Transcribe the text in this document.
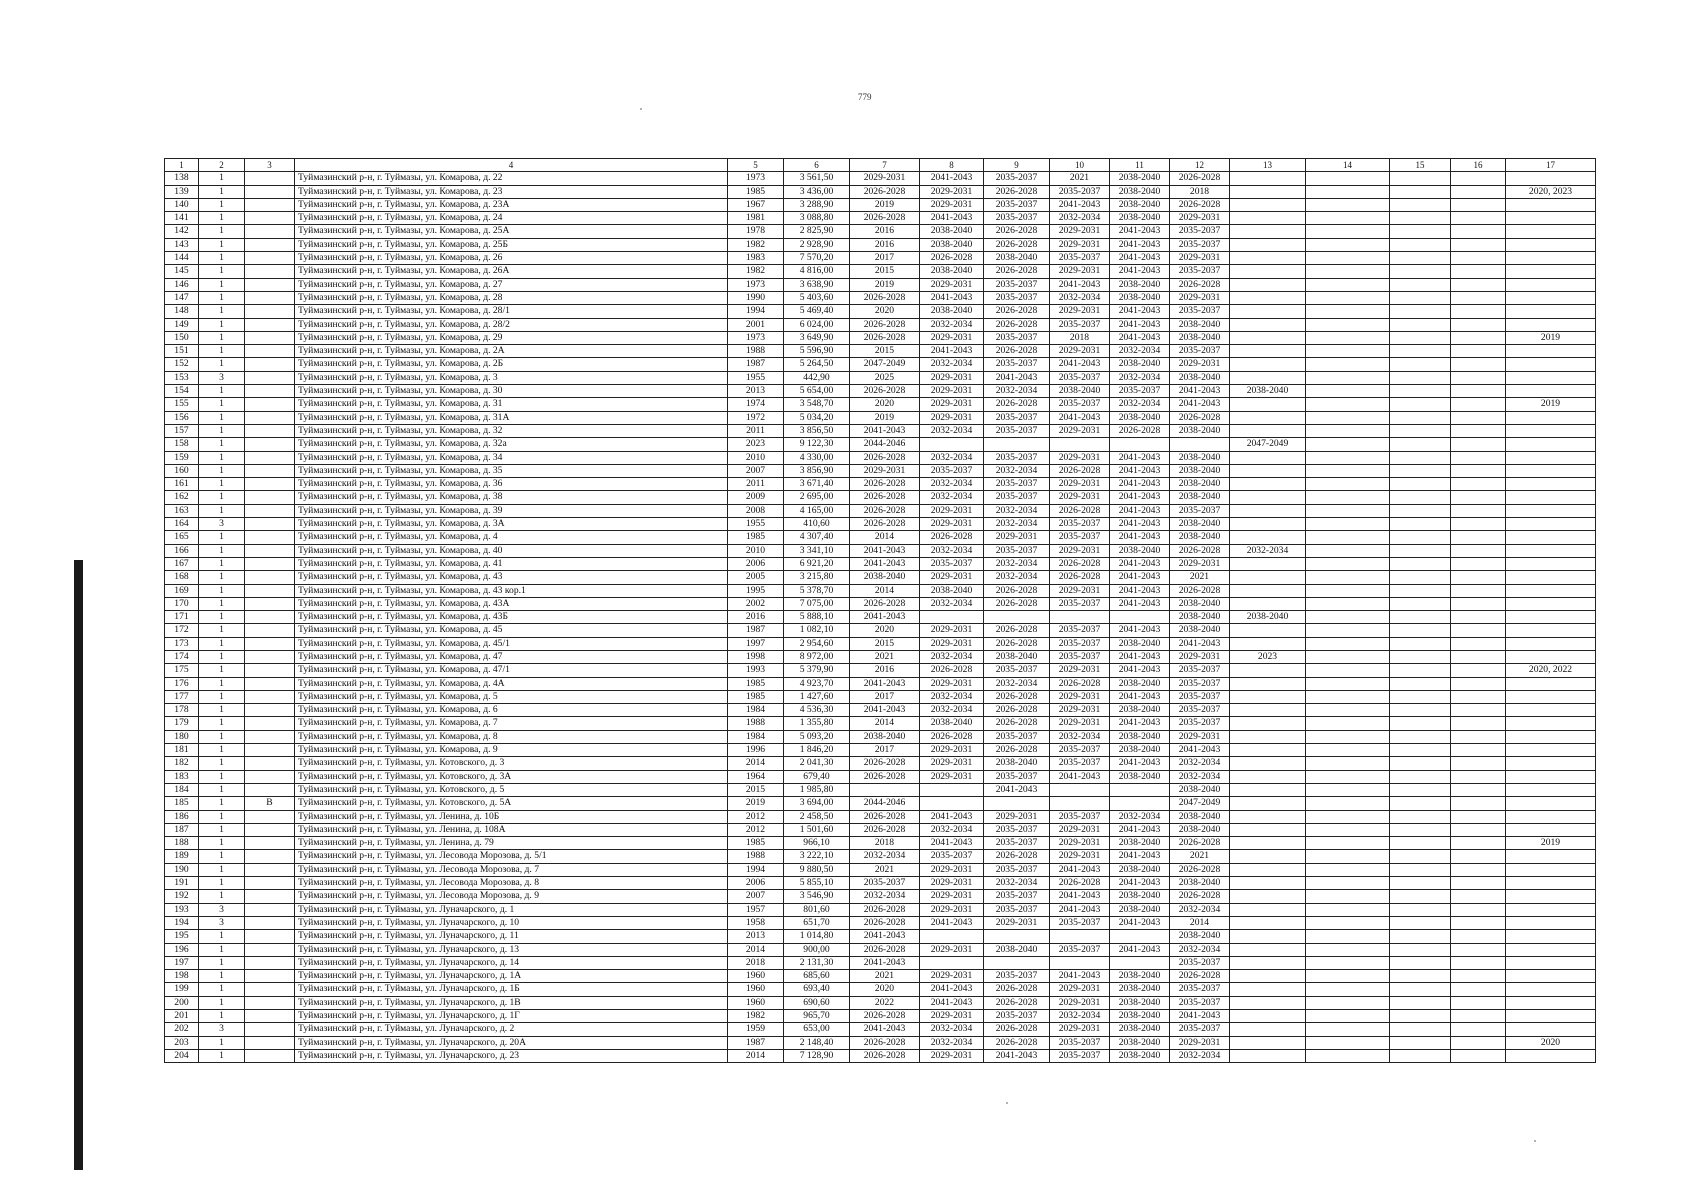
779
1	2	3	4	5	6	7	8	9	10	11	12	13	14	15	16	17
138	1		Туймазинский р-н, г. Туймазы, ул. Комарова, д. 22	1973	3 561,50	2029-2031	2041-2043	2035-2037	2021	2038-2040	2026-2028					
139	1		Туймазинский р-н, г. Туймазы, ул. Комарова, д. 23	1985	3 436,00	2026-2028	2029-2031	2026-2028	2035-2037	2038-2040	2018					2020, 2023
140	1		Туймазинский р-н, г. Туймазы, ул. Комарова, д. 23А	1967	3 288,90	2019	2029-2031	2035-2037	2041-2043	2038-2040	2026-2028					
141	1		Туймазинский р-н, г. Туймазы, ул. Комарова, д. 24	1981	3 088,80	2026-2028	2041-2043	2035-2037	2032-2034	2038-2040	2029-2031					
142	1		Туймазинский р-н, г. Туймазы, ул. Комарова, д. 25А	1978	2 825,90	2016	2038-2040	2026-2028	2029-2031	2041-2043	2035-2037					
143	1		Туймазинский р-н, г. Туймазы, ул. Комарова, д. 25Б	1982	2 928,90	2016	2038-2040	2026-2028	2029-2031	2041-2043	2035-2037					
144	1		Туймазинский р-н, г. Туймазы, ул. Комарова, д. 26	1983	7 570,20	2017	2026-2028	2038-2040	2035-2037	2041-2043	2029-2031					
145	1		Туймазинский р-н, г. Туймазы, ул. Комарова, д. 26А	1982	4 816,00	2015	2038-2040	2026-2028	2029-2031	2041-2043	2035-2037					
146	1		Туймазинский р-н, г. Туймазы, ул. Комарова, д. 27	1973	3 638,90	2019	2029-2031	2035-2037	2041-2043	2038-2040	2026-2028					
147	1		Туймазинский р-н, г. Туймазы, ул. Комарова, д. 28	1990	5 403,60	2026-2028	2041-2043	2035-2037	2032-2034	2038-2040	2029-2031					
148	1		Туймазинский р-н, г. Туймазы, ул. Комарова, д. 28/1	1994	5 469,40	2020	2038-2040	2026-2028	2029-2031	2041-2043	2035-2037					
149	1		Туймазинский р-н, г. Туймазы, ул. Комарова, д. 28/2	2001	6 024,00	2026-2028	2032-2034	2026-2028	2035-2037	2041-2043	2038-2040					
150	1		Туймазинский р-н, г. Туймазы, ул. Комарова, д. 29	1973	3 649,90	2026-2028	2029-2031	2035-2037	2018	2041-2043	2038-2040					2019
151	1		Туймазинский р-н, г. Туймазы, ул. Комарова, д. 2А	1988	5 596,90	2015	2041-2043	2026-2028	2029-2031	2032-2034	2035-2037					
152	1		Туймазинский р-н, г. Туймазы, ул. Комарова, д. 2Б	1987	5 264,50	2047-2049	2032-2034	2035-2037	2041-2043	2038-2040	2029-2031					
153	3		Туймазинский р-н, г. Туймазы, ул. Комарова, д. 3	1955	442,90	2025	2029-2031	2041-2043	2035-2037	2032-2034	2038-2040					
154	1		Туймазинский р-н, г. Туймазы, ул. Комарова, д. 30	2013	5 654,00	2026-2028	2029-2031	2032-2034	2038-2040	2035-2037	2041-2043	2038-2040				
155	1		Туймазинский р-н, г. Туймазы, ул. Комарова, д. 31	1974	3 548,70	2020	2029-2031	2026-2028	2035-2037	2032-2034	2041-2043					2019
156	1		Туймазинский р-н, г. Туймазы, ул. Комарова, д. 31А	1972	5 034,20	2019	2029-2031	2035-2037	2041-2043	2038-2040	2026-2028					
157	1		Туймазинский р-н, г. Туймазы, ул. Комарова, д. 32	2011	3 856,50	2041-2043	2032-2034	2035-2037	2029-2031	2026-2028	2038-2040					
158	1		Туймазинский р-н, г. Туймазы, ул. Комарова, д. 32а	2023	9 122,30	2044-2046						2047-2049				
159	1		Туймазинский р-н, г. Туймазы, ул. Комарова, д. 34	2010	4 330,00	2026-2028	2032-2034	2035-2037	2029-2031	2041-2043	2038-2040					
160	1		Туймазинский р-н, г. Туймазы, ул. Комарова, д. 35	2007	3 856,90	2029-2031	2035-2037	2032-2034	2026-2028	2041-2043	2038-2040					
161	1		Туймазинский р-н, г. Туймазы, ул. Комарова, д. 36	2011	3 671,40	2026-2028	2032-2034	2035-2037	2029-2031	2041-2043	2038-2040					
162	1		Туймазинский р-н, г. Туймазы, ул. Комарова, д. 38	2009	2 695,00	2026-2028	2032-2034	2035-2037	2029-2031	2041-2043	2038-2040					
163	1		Туймазинский р-н, г. Туймазы, ул. Комарова, д. 39	2008	4 165,00	2026-2028	2029-2031	2032-2034	2026-2028	2041-2043	2035-2037					
164	3		Туймазинский р-н, г. Туймазы, ул. Комарова, д. 3А	1955	410,60	2026-2028	2029-2031	2032-2034	2035-2037	2041-2043	2038-2040					
165	1		Туймазинский р-н, г. Туймазы, ул. Комарова, д. 4	1985	4 307,40	2014	2026-2028	2029-2031	2035-2037	2041-2043	2038-2040					
166	1		Туймазинский р-н, г. Туймазы, ул. Комарова, д. 40	2010	3 341,10	2041-2043	2032-2034	2035-2037	2029-2031	2038-2040	2026-2028	2032-2034				
167	1		Туймазинский р-н, г. Туймазы, ул. Комарова, д. 41	2006	6 921,20	2041-2043	2035-2037	2032-2034	2026-2028	2041-2043	2029-2031					
168	1		Туймазинский р-н, г. Туймазы, ул. Комарова, д. 43	2005	3 215,80	2038-2040	2029-2031	2032-2034	2026-2028	2041-2043	2021					
169	1		Туймазинский р-н, г. Туймазы, ул. Комарова, д. 43 кор.1	1995	5 378,70	2014	2038-2040	2026-2028	2029-2031	2041-2043	2026-2028					
170	1		Туймазинский р-н, г. Туймазы, ул. Комарова, д. 43А	2002	7 075,00	2026-2028	2032-2034	2026-2028	2035-2037	2041-2043	2038-2040					
171	1		Туймазинский р-н, г. Туймазы, ул. Комарова, д. 43Б	2016	5 888,10	2041-2043					2038-2040	2038-2040				
172	1		Туймазинский р-н, г. Туймазы, ул. Комарова, д. 45	1987	1 082,10	2020	2029-2031	2026-2028	2035-2037	2041-2043	2038-2040					
173	1		Туймазинский р-н, г. Туймазы, ул. Комарова, д. 45/1	1997	2 954,60	2015	2029-2031	2026-2028	2035-2037	2038-2040	2041-2043					
174	1		Туймазинский р-н, г. Туймазы, ул. Комарова, д. 47	1998	8 972,00	2021	2032-2034	2038-2040	2035-2037	2041-2043	2029-2031	2023				
175	1		Туймазинский р-н, г. Туймазы, ул. Комарова, д. 47/1	1993	5 379,90	2016	2026-2028	2035-2037	2029-2031	2041-2043	2035-2037					2020, 2022
176	1		Туймазинский р-н, г. Туймазы, ул. Комарова, д. 4А	1985	4 923,70	2041-2043	2029-2031	2032-2034	2026-2028	2038-2040	2035-2037					
177	1		Туймазинский р-н, г. Туймазы, ул. Комарова, д. 5	1985	1 427,60	2017	2032-2034	2026-2028	2029-2031	2041-2043	2035-2037					
178	1		Туймазинский р-н, г. Туймазы, ул. Комарова, д. 6	1984	4 536,30	2041-2043	2032-2034	2026-2028	2029-2031	2038-2040	2035-2037					
179	1		Туймазинский р-н, г. Туймазы, ул. Комарова, д. 7	1988	1 355,80	2014	2038-2040	2026-2028	2029-2031	2041-2043	2035-2037					
180	1		Туймазинский р-н, г. Туймазы, ул. Комарова, д. 8	1984	5 093,20	2038-2040	2026-2028	2035-2037	2032-2034	2038-2040	2029-2031					
181	1		Туймазинский р-н, г. Туймазы, ул. Комарова, д. 9	1996	1 846,20	2017	2029-2031	2026-2028	2035-2037	2038-2040	2041-2043					
182	1		Туймазинский р-н, г. Туймазы, ул. Котовского, д. 3	2014	2 041,30	2026-2028	2029-2031	2038-2040	2035-2037	2041-2043	2032-2034					
183	1		Туймазинский р-н, г. Туймазы, ул. Котовского, д. 3А	1964	679,40	2026-2028	2029-2031	2035-2037	2041-2043	2038-2040	2032-2034					
184	1		Туймазинский р-н, г. Туймазы, ул. Котовского, д. 5	2015	1 985,80			2041-2043			2038-2040					
185	1	В	Туймазинский р-н, г. Туймазы, ул. Котовского, д. 5А	2019	3 694,00	2044-2046					2047-2049					
186	1		Туймазинский р-н, г. Туймазы, ул. Ленина, д. 10Б	2012	2 458,50	2026-2028	2041-2043	2029-2031	2035-2037	2032-2034	2038-2040					
187	1		Туймазинский р-н, г. Туймазы, ул. Ленина, д. 108А	2012	1 501,60	2026-2028	2032-2034	2035-2037	2029-2031	2041-2043	2038-2040					
188	1		Туймазинский р-н, г. Туймазы, ул. Ленина, д. 79	1985	966,10	2018	2041-2043	2035-2037	2029-2031	2038-2040	2026-2028					2019
189	1		Туймазинский р-н, г. Туймазы, ул. Лесовода Морозова, д. 5/1	1988	3 222,10	2032-2034	2035-2037	2026-2028	2029-2031	2041-2043	2021					
190	1		Туймазинский р-н, г. Туймазы, ул. Лесовода Морозова, д. 7	1994	9 880,50	2021	2029-2031	2035-2037	2041-2043	2038-2040	2026-2028					
191	1		Туймазинский р-н, г. Туймазы, ул. Лесовода Морозова, д. 8	2006	5 855,10	2035-2037	2029-2031	2032-2034	2026-2028	2041-2043	2038-2040					
192	1		Туймазинский р-н, г. Туймазы, ул. Лесовода Морозова, д. 9	2007	3 546,90	2032-2034	2029-2031	2035-2037	2041-2043	2038-2040	2026-2028					
193	3		Туймазинский р-н, г. Туймазы, ул. Луначарского, д. 1	1957	801,60	2026-2028	2029-2031	2035-2037	2041-2043	2038-2040	2032-2034					
194	3		Туймазинский р-н, г. Туймазы, ул. Луначарского, д. 10	1958	651,70	2026-2028	2041-2043	2029-2031	2035-2037	2041-2043	2014					
195	1		Туймазинский р-н, г. Туймазы, ул. Луначарского, д. 11	2013	1 014,80	2041-2043					2038-2040					
196	1		Туймазинский р-н, г. Туймазы, ул. Луначарского, д. 13	2014	900,00	2026-2028	2029-2031	2038-2040	2035-2037	2041-2043	2032-2034					
197	1		Туймазинский р-н, г. Туймазы, ул. Луначарского, д. 14	2018	2 131,30	2041-2043					2035-2037					
198	1		Туймазинский р-н, г. Туймазы, ул. Луначарского, д. 1А	1960	685,60	2021	2029-2031	2035-2037	2041-2043	2038-2040	2026-2028					
199	1		Туймазинский р-н, г. Туймазы, ул. Луначарского, д. 1Б	1960	693,40	2020	2041-2043	2026-2028	2029-2031	2038-2040	2035-2037					
200	1		Туймазинский р-н, г. Туймазы, ул. Луначарского, д. 1В	1960	690,60	2022	2041-2043	2026-2028	2029-2031	2038-2040	2035-2037					
201	1		Туймазинский р-н, г. Туймазы, ул. Луначарского, д. 1Г	1982	965,70	2026-2028	2029-2031	2035-2037	2032-2034	2038-2040	2041-2043					
202	3		Туймазинский р-н, г. Туймазы, ул. Луначарского, д. 2	1959	653,00	2041-2043	2032-2034	2026-2028	2029-2031	2038-2040	2035-2037					
203	1		Туймазинский р-н, г. Туймазы, ул. Луначарского, д. 20А	1987	2 148,40	2026-2028	2032-2034	2026-2028	2035-2037	2038-2040	2029-2031					2020
204	1		Туймазинский р-н, г. Туймазы, ул. Луначарского, д. 23	2014	7 128,90	2026-2028	2029-2031	2041-2043	2035-2037	2038-2040	2032-2034					
